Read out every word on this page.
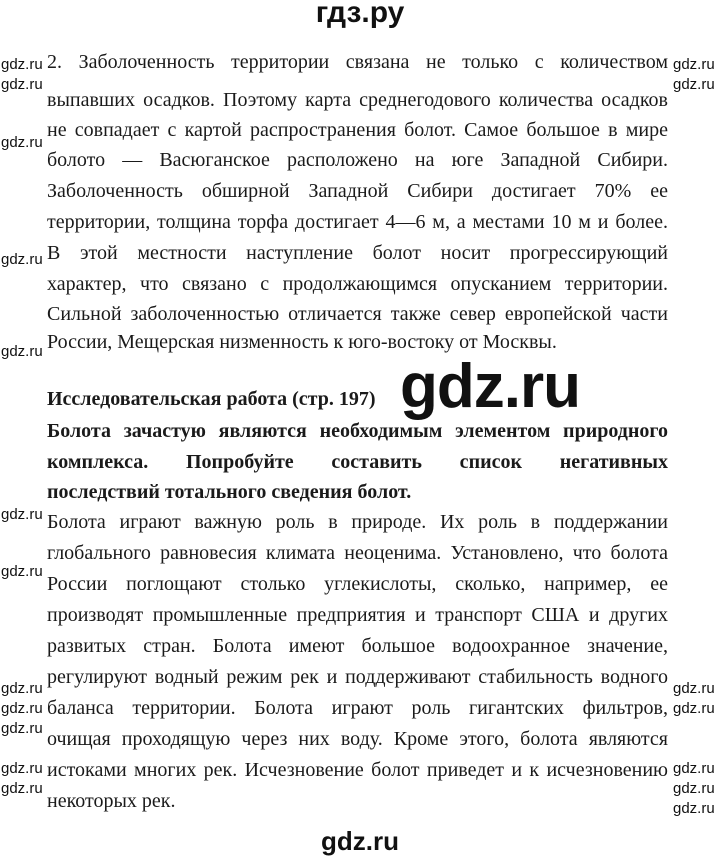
гдз.ру
2. Заболоченность территории связана не только с количеством
выпавших осадков. Поэтому карта среднегодового количества осадков
не совпадает с картой распространения болот. Самое большое в мире
болото — Васюганское расположено на юге Западной Сибири.
Заболоченность обширной Западной Сибири достигает 70% ее
территории, толщина торфа достигает 4—6 м, а местами 10 м и более.
В этой местности наступление болот носит прогрессирующий
характер, что связано с продолжающимся опусканием территории.
Сильной заболоченностью отличается также север европейской части
России, Мещерская низменность к юго-востоку от Москвы.
Исследовательская работа (стр. 197)
Болота зачастую являются необходимым элементом природного
комплекса. Попробуйте составить список негативных
последствий тотального сведения болот.
Болота играют важную роль в природе. Их роль в поддержании
глобального равновесия климата неоценима. Установлено, что болота
России поглощают столько углекислоты, сколько, например, ее
производят промышленные предприятия и транспорт США и других
развитых стран. Болота имеют большое водоохранное значение,
регулируют водный режим рек и поддерживают стабильность водного
баланса территории. Болота играют роль гигантских фильтров,
очищая проходящую через них воду. Кроме этого, болота являются
истоками многих рек. Исчезновение болот приведет и к исчезновению
некоторых рек.
gdz.ru
gdz.ru
gdz.ru
gdz.ru
gdz.ru
gdz.ru
gdz.ru
gdz.ru
gdz.ru
gdz.ru
gdz.ru
gdz.ru
gdz.ru
gdz.ru
gdz.ru
gdz.ru
gdz.ru
gdz.ru
gdz.ru
gdz.ru
gdz.ru
